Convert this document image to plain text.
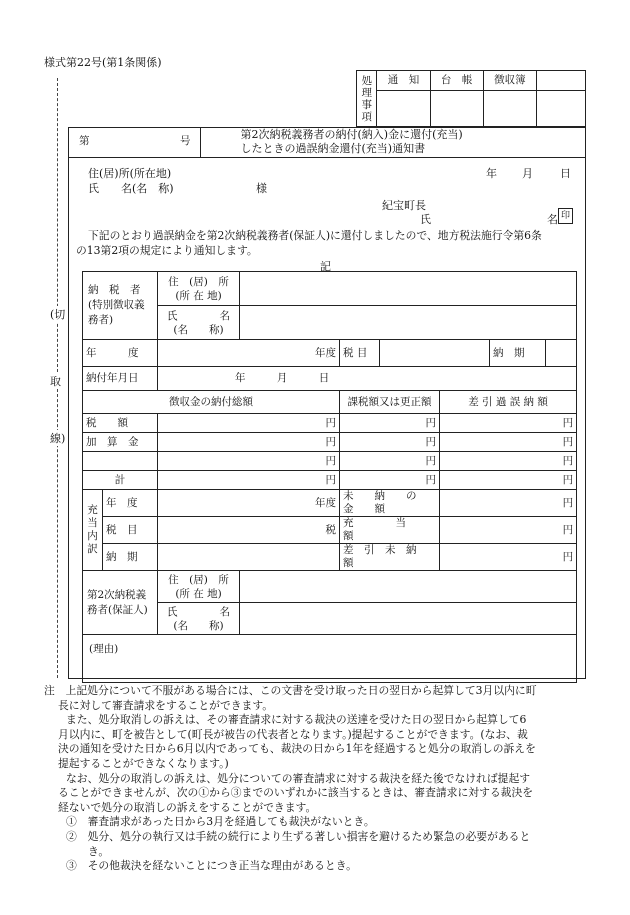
様式第22号(第1条関係)
処理事項	通　知	台　帳	徴収簿	

(切
取
線)
第	号

第2次納税義務者の納付(納入)金に還付(充当)
したときの過誤納金還付(充当)通知書
住(居)所(所在地)
氏　　名(名　称)	様
年 月 日
紀宝町長
氏	名 印
下記のとおり過誤納金を第2次納税義務者(保証人)に還付しましたので、地方税法施行令第6条
の13第2項の規定により通知します。
記
納　税　者(特別徴収義務者)		住　(居)　所
(所 在 地)					

		氏　　　　名
(名　　称)					

年　　　度		年度		税 目			納　期

納付年月日		年 月 日					
徴収金の納付総額				課税額又は更正額		差 引 過 誤 納 額	
税　　額		円		円		円	
加　算　金		円		円		円	
		円		円		円	
計		円		円		円	
充当内訳	年　度	年度		未　　納　　の　　金　　額		円	
	税　目	税		充　　　　当　　　　額		円	
	納　期			差　引　未　納　額		円	
第2次納税義務者(保証人)		住　(居)　所
(所 在 地)					

		氏　　　　名
(名　　称)					

(理由)							

注　上記処分について不服がある場合には、この文書を受け取った日の翌日から起算して3月以内に町

長に対して審査請求をすることができます。

また、処分取消しの訴えは、その審査請求に対する裁決の送達を受けた日の翌日から起算して6

月以内に、町を被告として(町長が被告の代表者となります。)提起することができます。(なお、裁

決の通知を受けた日から6月以内であっても、裁決の日から1年を経過すると処分の取消しの訴えを

提起することができなくなります。)

なお、処分の取消しの訴えは、処分についての審査請求に対する裁決を経た後でなければ提起す

ることができませんが、次の①から③までのいずれかに該当するときは、審査請求に対する裁決を

経ないで処分の取消しの訴えをすることができます。

①　審査請求があった日から3月を経過しても裁決がないとき。

②　処分、処分の執行又は手続の続行により生ずる著しい損害を避けるため緊急の必要があると

き。

③　その他裁決を経ないことにつき正当な理由があるとき。
